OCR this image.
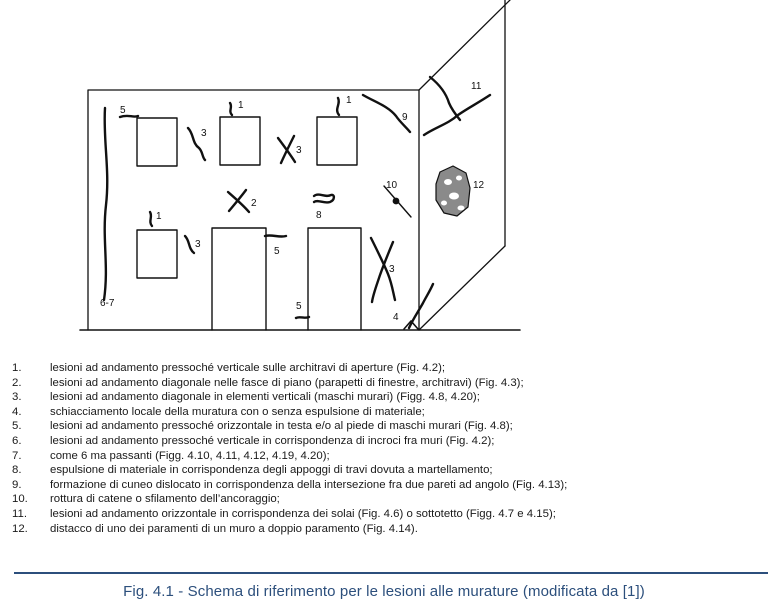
5	1	1
3
3
9
11
2
8
10	12
1
3
5
3
6-7	5
4
1.	lesioni ad andamento pressoché verticale sulle architravi di aperture (Fig. 4.2);
2.	lesioni ad andamento diagonale nelle fasce di piano (parapetti di finestre, architravi) (Fig. 4.3);
3.	lesioni ad andamento diagonale in elementi verticali (maschi murari) (Figg. 4.8, 4.20);
4.	schiacciamento locale della muratura con o senza espulsione di materiale;
5.	lesioni ad andamento pressoché orizzontale in testa e/o al piede di maschi murari (Fig. 4.8);
6.	lesioni ad andamento pressoché verticale in corrispondenza di incroci fra muri (Fig. 4.2);
7.	come 6 ma passanti (Figg. 4.10, 4.11, 4.12, 4.19, 4.20);
8.	espulsione di materiale in corrispondenza degli appoggi di travi dovuta a martellamento;
9.	formazione di cuneo dislocato in corrispondenza della intersezione fra due pareti ad angolo (Fig. 4.13);
10.	rottura di catene o sfilamento dell’ancoraggio;
11.	lesioni ad andamento orizzontale in corrispondenza dei solai (Fig. 4.6) o sottotetto (Figg. 4.7 e 4.15);
12.	distacco di uno dei paramenti di un muro a doppio paramento (Fig. 4.14).
Fig. 4.1 - Schema di riferimento per le lesioni alle murature (modificata da [1])
